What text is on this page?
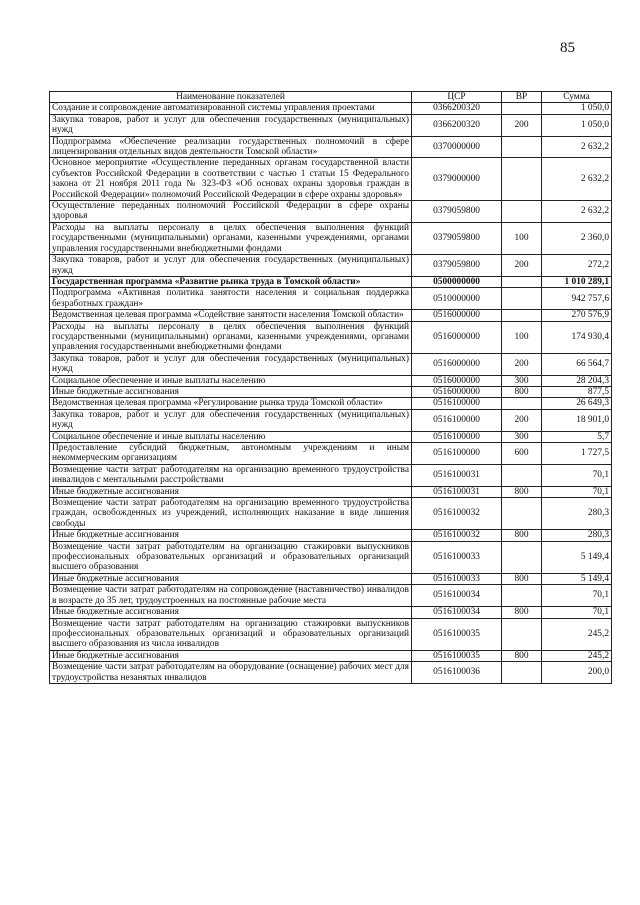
85
Наименование показателей	ЦСР	ВР	Сумма
Создание и сопровождение автоматизированной системы управления проектами	0366200320		1 050,0
Закупка товаров, работ и услуг для обеспечения государственных (муниципальных) нужд	0366200320	200	1 050,0
Подпрограмма «Обеспечение реализации государственных полномочий в сфере лицензирования отдельных видов деятельности Томской области»	0370000000		2 632,2
Основное мероприятие «Осуществление переданных органам государственной власти субъектов Российской Федерации в соответствии с частью 1 статьи 15 Федерального закона от 21 ноября 2011 года № 323-ФЗ «Об основах охраны здоровья граждан в Российской Федерации» полномочий Российской Федерации в сфере охраны здоровья»	0379000000		2 632,2
Осуществление переданных полномочий Российской Федерации в сфере охраны здоровья	0379059800		2 632,2
Расходы на выплаты персоналу в целях обеспечения выполнения функций государственными (муниципальными) органами, казенными учреждениями, органами управления государственными внебюджетными фондами	0379059800	100	2 360,0
Закупка товаров, работ и услуг для обеспечения государственных (муниципальных) нужд	0379059800	200	272,2
Государственная программа «Развитие рынка труда в Томской области»	0500000000		1 010 289,1
Подпрограмма «Активная политика занятости населения и социальная поддержка безработных граждан»	0510000000		942 757,6
Ведомственная целевая программа «Содействие занятости населения Томской области»	0516000000		270 576,9
Расходы на выплаты персоналу в целях обеспечения выполнения функций государственными (муниципальными) органами, казенными учреждениями, органами управления государственными внебюджетными фондами	0516000000	100	174 930,4
Закупка товаров, работ и услуг для обеспечения государственных (муниципальных) нужд	0516000000	200	66 564,7
Социальное обеспечение и иные выплаты населению	0516000000	300	28 204,3
Иные бюджетные ассигнования	0516000000	800	877,5
Ведомственная целевая программа «Регулирование рынка труда Томской области»	0516100000		26 649,3
Закупка товаров, работ и услуг для обеспечения государственных (муниципальных) нужд	0516100000	200	18 901,0
Социальное обеспечение и иные выплаты населению	0516100000	300	5,7
Предоставление субсидий бюджетным, автономным учреждениям и иным некоммерческим организациям	0516100000	600	1 727,5
Возмещение части затрат работодателям на организацию временного трудоустройства инвалидов с ментальными расстройствами	0516100031		70,1
Иные бюджетные ассигнования	0516100031	800	70,1
Возмещение части затрат работодателям на организацию временного трудоустройства граждан, освобожденных из учреждений, исполняющих наказание в виде лишения свободы	0516100032		280,3
Иные бюджетные ассигнования	0516100032	800	280,3
Возмещение части затрат работодателям на организацию стажировки выпускников профессиональных образовательных организаций и образовательных организаций высшего образования	0516100033		5 149,4
Иные бюджетные ассигнования	0516100033	800	5 149,4
Возмещение части затрат работодателям на сопровождение (наставничество) инвалидов в возрасте до 35 лет, трудоустроенных на постоянные рабочие места	0516100034		70,1
Иные бюджетные ассигнования	0516100034	800	70,1
Возмещение части затрат работодателям на организацию стажировки выпускников профессиональных образовательных организаций и образовательных организаций высшего образования из числа инвалидов	0516100035		245,2
Иные бюджетные ассигнования	0516100035	800	245,2
Возмещение части затрат работодателям на оборудование (оснащение) рабочих мест для трудоустройства незанятых инвалидов	0516100036		200,0
